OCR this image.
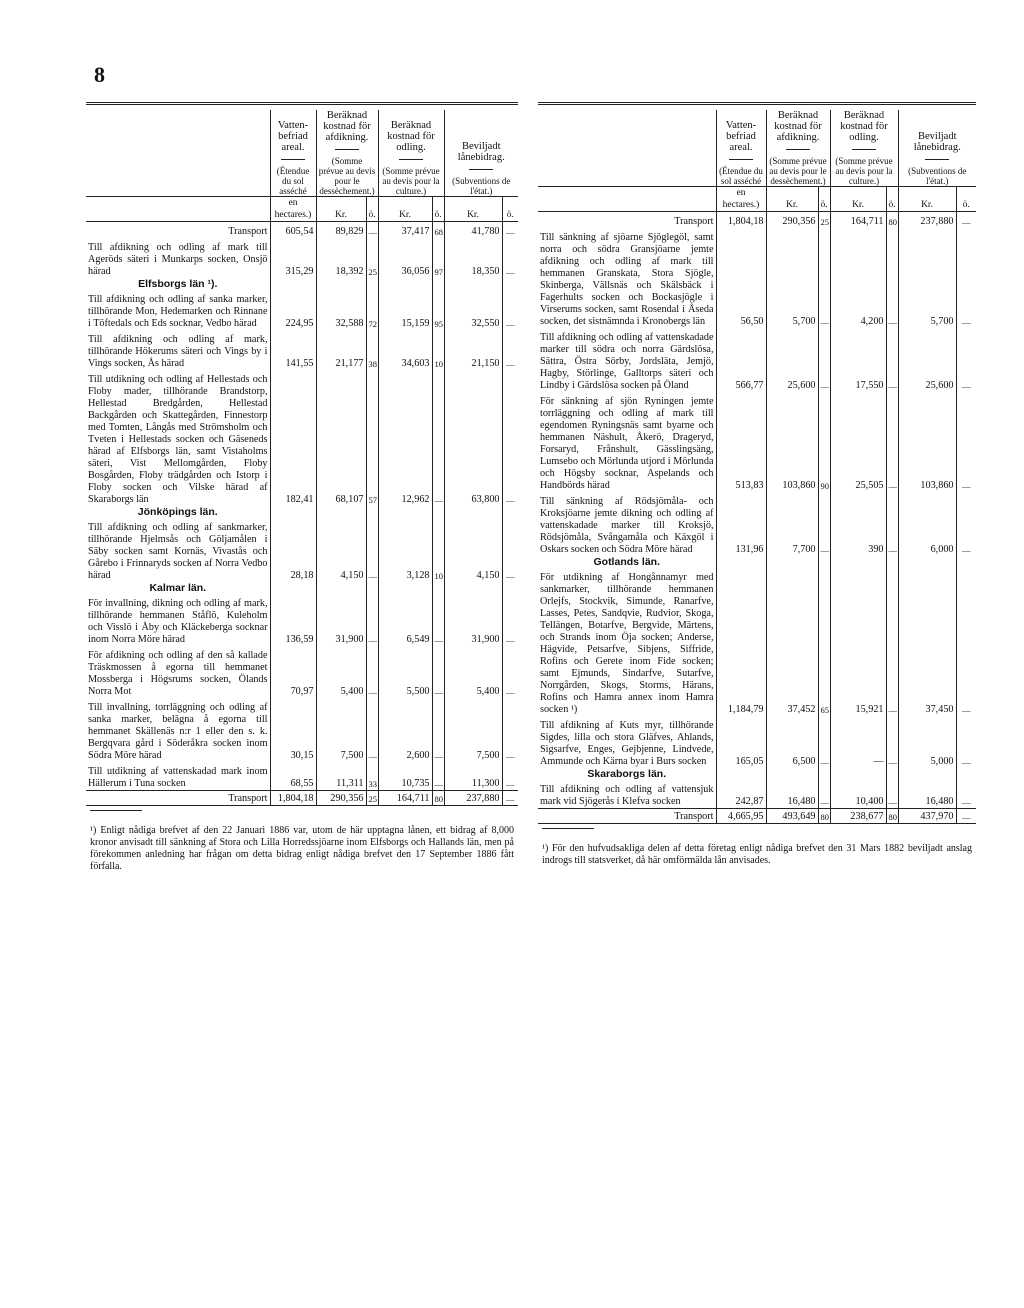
8

	Vatten-befriad areal.
(Étendue du sol asséché	Beräknad kostnad för afdikning.
(Somme prévue au devis pour le dessèchement.)		Beräknad kostnad för odling.
(Somme prévue au devis pour la culture.)		Beviljadt lånebidrag.
(Subventions de l'état.)	

	en hectares.)	Kr.	ö.	Kr.	ö.	Kr.	ö.
Transport	605,54	89,829	—	37,417	68	41,780	—
Till afdikning och odling af mark till Ageröds säteri i Munkarps socken, Onsjö härad	315,29	18,392	25	36,056	97	18,350	—
Elfsborgs län ¹).							
Till afdikning och odling af sanka marker, tillhörande Mon, Hedemarken och Rinnane i Töftedals och Eds socknar, Vedbo härad	224,95	32,588	72	15,159	95	32,550	—
Till afdikning och odling af mark, tillhörande Hökerums säteri och Vings by i Vings socken, Ås härad	141,55	21,177	38	34,603	10	21,150	—
Till utdikning och odling af Hellestads och Floby mader, tillhörande Brandstorp, Hellestad Bredgården, Hellestad Backgården och Skattegården, Finnestorp med Tomten, Långås med Strömsholm och Tveten i Hellestads socken och Gäseneds härad af Elfsborgs län, samt Vistaholms säteri, Vist Mellomgården, Floby Bosgården, Floby trädgården och Istorp i Floby socken och Vilske härad af Skaraborgs län	182,41	68,107	57	12,962	—	63,800	—
Jönköpings län.							
Till afdikning och odling af sankmarker, tillhörande Hjelmsås och Göljamålen i Säby socken samt Kornäs, Vivastås och Gårebo i Frinnaryds socken af Norra Vedbo härad	28,18	4,150	—	3,128	10	4,150	—
Kalmar län.							
För invallning, dikning och odling af mark, tillhörande hemmanen Ståflö, Kuleholm och Visslö i Åby och Kläckeberga socknar inom Norra Möre härad	136,59	31,900	—	6,549	—	31,900	—
För afdikning och odling af den så kallade Träskmossen å egorna till hemmanet Mossberga i Högsrums socken, Ölands Norra Mot	70,97	5,400	—	5,500	—	5,400	—
Till invallning, torrläggning och odling af sanka marker, belägna å egorna till hemmanet Skällenäs n:r 1 eller den s. k. Bergqvara gård i Söderåkra socken inom Södra Möre härad	30,15	7,500	—	2,600	—	7,500	—
Till utdikning af vattenskadad mark inom Hällerum i Tuna socken	68,55	11,311	33	10,735	—	11,300	—
Transport	1,804,18	290,356	25	164,711	80	237,880	—
¹) Enligt nådiga brefvet af den 22 Januari 1886 var, utom de här upptagna lånen, ett bidrag af 8,000 kronor anvisadt till sänkning af Stora och Lilla Horredssjöarne inom Elfsborgs och Hallands län, men på förekommen anledning har frågan om detta bidrag enligt nådiga brefvet den 17 September 1886 fått förfalla.

	Vatten-befriad areal.
(Étendue du sol asséché	Beräknad kostnad för afdikning.
(Somme prévue au devis pour le dessèchement.)		Beräknad kostnad för odling.
(Somme prévue au devis pour la culture.)		Beviljadt lånebidrag.
(Subventions de l'état.)	

	en hectares.)	Kr.	ö.	Kr.	ö.	Kr.	ö.
Transport	1,804,18	290,356	25	164,711	80	237,880	—
Till sänkning af sjöarne Sjöglegöl, samt norra och södra Gransjöarne jemte afdikning och odling af mark till hemmanen Granskata, Stora Sjögle, Skinberga, Vällsnäs och Skälsbäck i Fagerhults socken och Bockasjögle i Virserums socken, samt Rosendal i Åseda socken, det sistnämnda i Kronobergs län	56,50	5,700	—	4,200	—	5,700	—
Till afdikning och odling af vattenskadade marker till södra och norra Gärdslösa, Sättra, Östra Sörby, Jordsläta, Jemjö, Hagby, Störlinge, Galltorps säteri och Lindby i Gärdslösa socken på Öland	566,77	25,600	—	17,550	—	25,600	—
För sänkning af sjön Ryningen jemte torrläggning och odling af mark till egendomen Ryningsnäs samt byarne och hemmanen Näshult, Åkerö, Drageryd, Forsaryd, Frånshult, Gässlingsäng, Lumsebo och Mörlunda utjord i Mörlunda och Högsby socknar, Aspelands och Handbörds härad	513,83	103,860	90	25,505	—	103,860	—
Till sänkning af Rödsjömåla- och Kroksjöarne jemte dikning och odling af vattenskadade marker till Kroksjö, Rödsjömåla, Svångamåla och Käxgöl i Oskars socken och Södra Möre härad	131,96	7,700	—	390	—	6,000	—
Gotlands län.							
För utdikning af Hongånnamyr med sankmarker, tillhörande hemmanen Orlejfs, Stockvik, Simunde, Ranarfve, Lasses, Petes, Sandqvie, Rudvior, Skoga, Tellängen, Botarfve, Bergvide, Märtens, och Strands inom Öja socken; Anderse, Hägvide, Petsarfve, Sibjens, Siffride, Rofins och Gerete inom Fide socken; samt Ejmunds, Sindarfve, Sutarfve, Norrgården, Skogs, Storms, Härans, Rofins och Hamra annex inom Hamra socken ¹)	1,184,79	37,452	65	15,921	—	37,450	—
Till afdikning af Kuts myr, tillhörande Sigdes, lilla och stora Gläfves, Ahlands, Sigsarfve, Enges, Gejbjenne, Lindvede, Ammunde och Kärna byar i Burs socken	165,05	6,500	—	—	—	5,000	—
Skaraborgs län.							
Till afdikning och odling af vattensjuk mark vid Sjögerås i Klefva socken	242,87	16,480	—	10,400	—	16,480	—
Transport	4,665,95	493,649	80	238,677	80	437,970	—
¹) För den hufvudsakliga delen af detta företag enligt nådiga brefvet den 31 Mars 1882 beviljadt anslag indrogs till statsverket, då här omförmälda lån anvisades.
